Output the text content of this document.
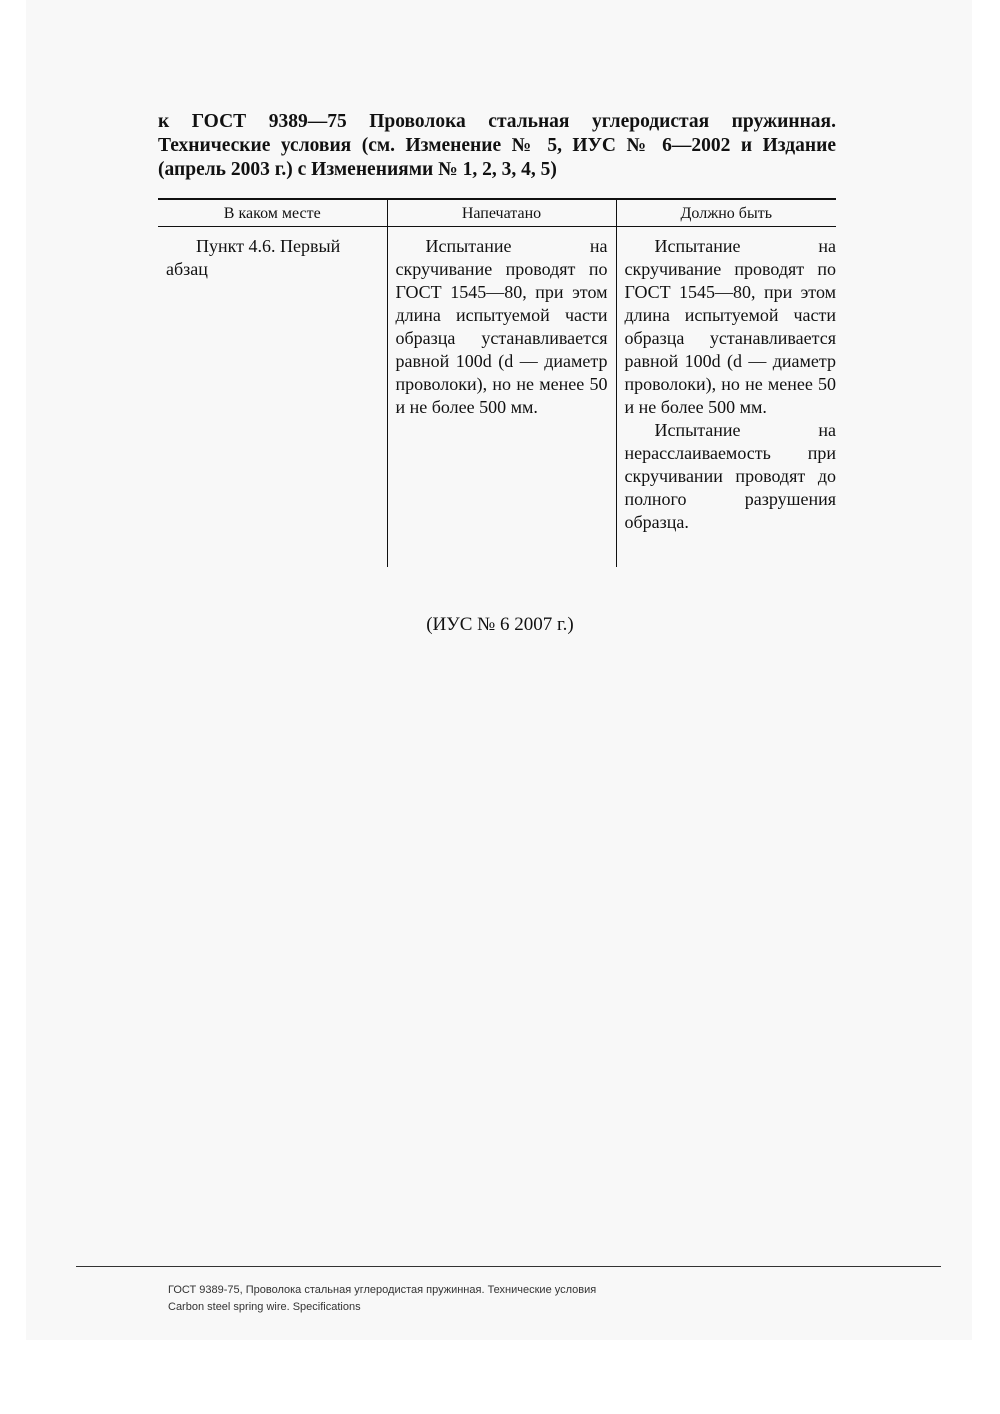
к ГОСТ 9389—75 Проволока стальная углеродистая пружинная. Технические условия (см. Изменение № 5, ИУС № 6—2002 и Издание (апрель 2003 г.) с Изменениями № 1, 2, 3, 4, 5)
В каком месте	Напечатано	Должно быть
Пункт 4.6. Первый абзац	Испытание на скручивание проводят по ГОСТ 1545—80, при этом длина испытуемой части образца устанавливается равной 100d (d — диаметр проволоки), но не менее 50 и не более 500 мм.	Испытание на скручивание проводят по ГОСТ 1545—80, при этом длина испытуемой части образца устанавливается равной 100d (d — диаметр проволоки), но не менее 50 и не более 500 мм.

Испытание на нерасслаиваемость при скручивании проводят до полного разрушения образца.

(ИУС № 6 2007 г.)
ГОСТ 9389-75, Проволока стальная углеродистая пружинная. Технические условия
Carbon steel spring wire. Specifications
